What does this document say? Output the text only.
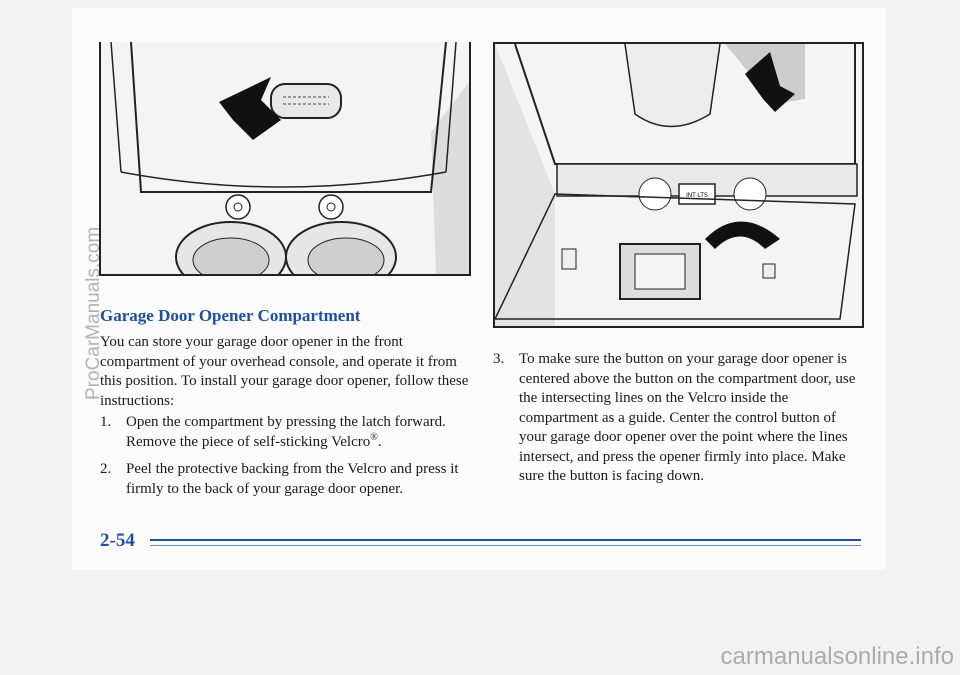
INT LTS
Garage Door Opener Compartment

You can store your garage door opener in the front compartment of your overhead console, and operate it from this position. To install your garage door opener, follow these instructions:

1. Open the compartment by pressing the latch forward. Remove the piece of self-sticking Velcro®.
2. Peel the protective backing from the Velcro and press it firmly to the back of your garage door opener.
3. To make sure the button on your garage door opener is centered above the button on the compartment door, use the intersecting lines on the Velcro inside the compartment as a guide. Center the control button of your garage door opener over the point where the lines intersect, and press the opener firmly into place. Make sure the button is facing down.

2-54

ProCarManuals.com
carmanualsonline.info
